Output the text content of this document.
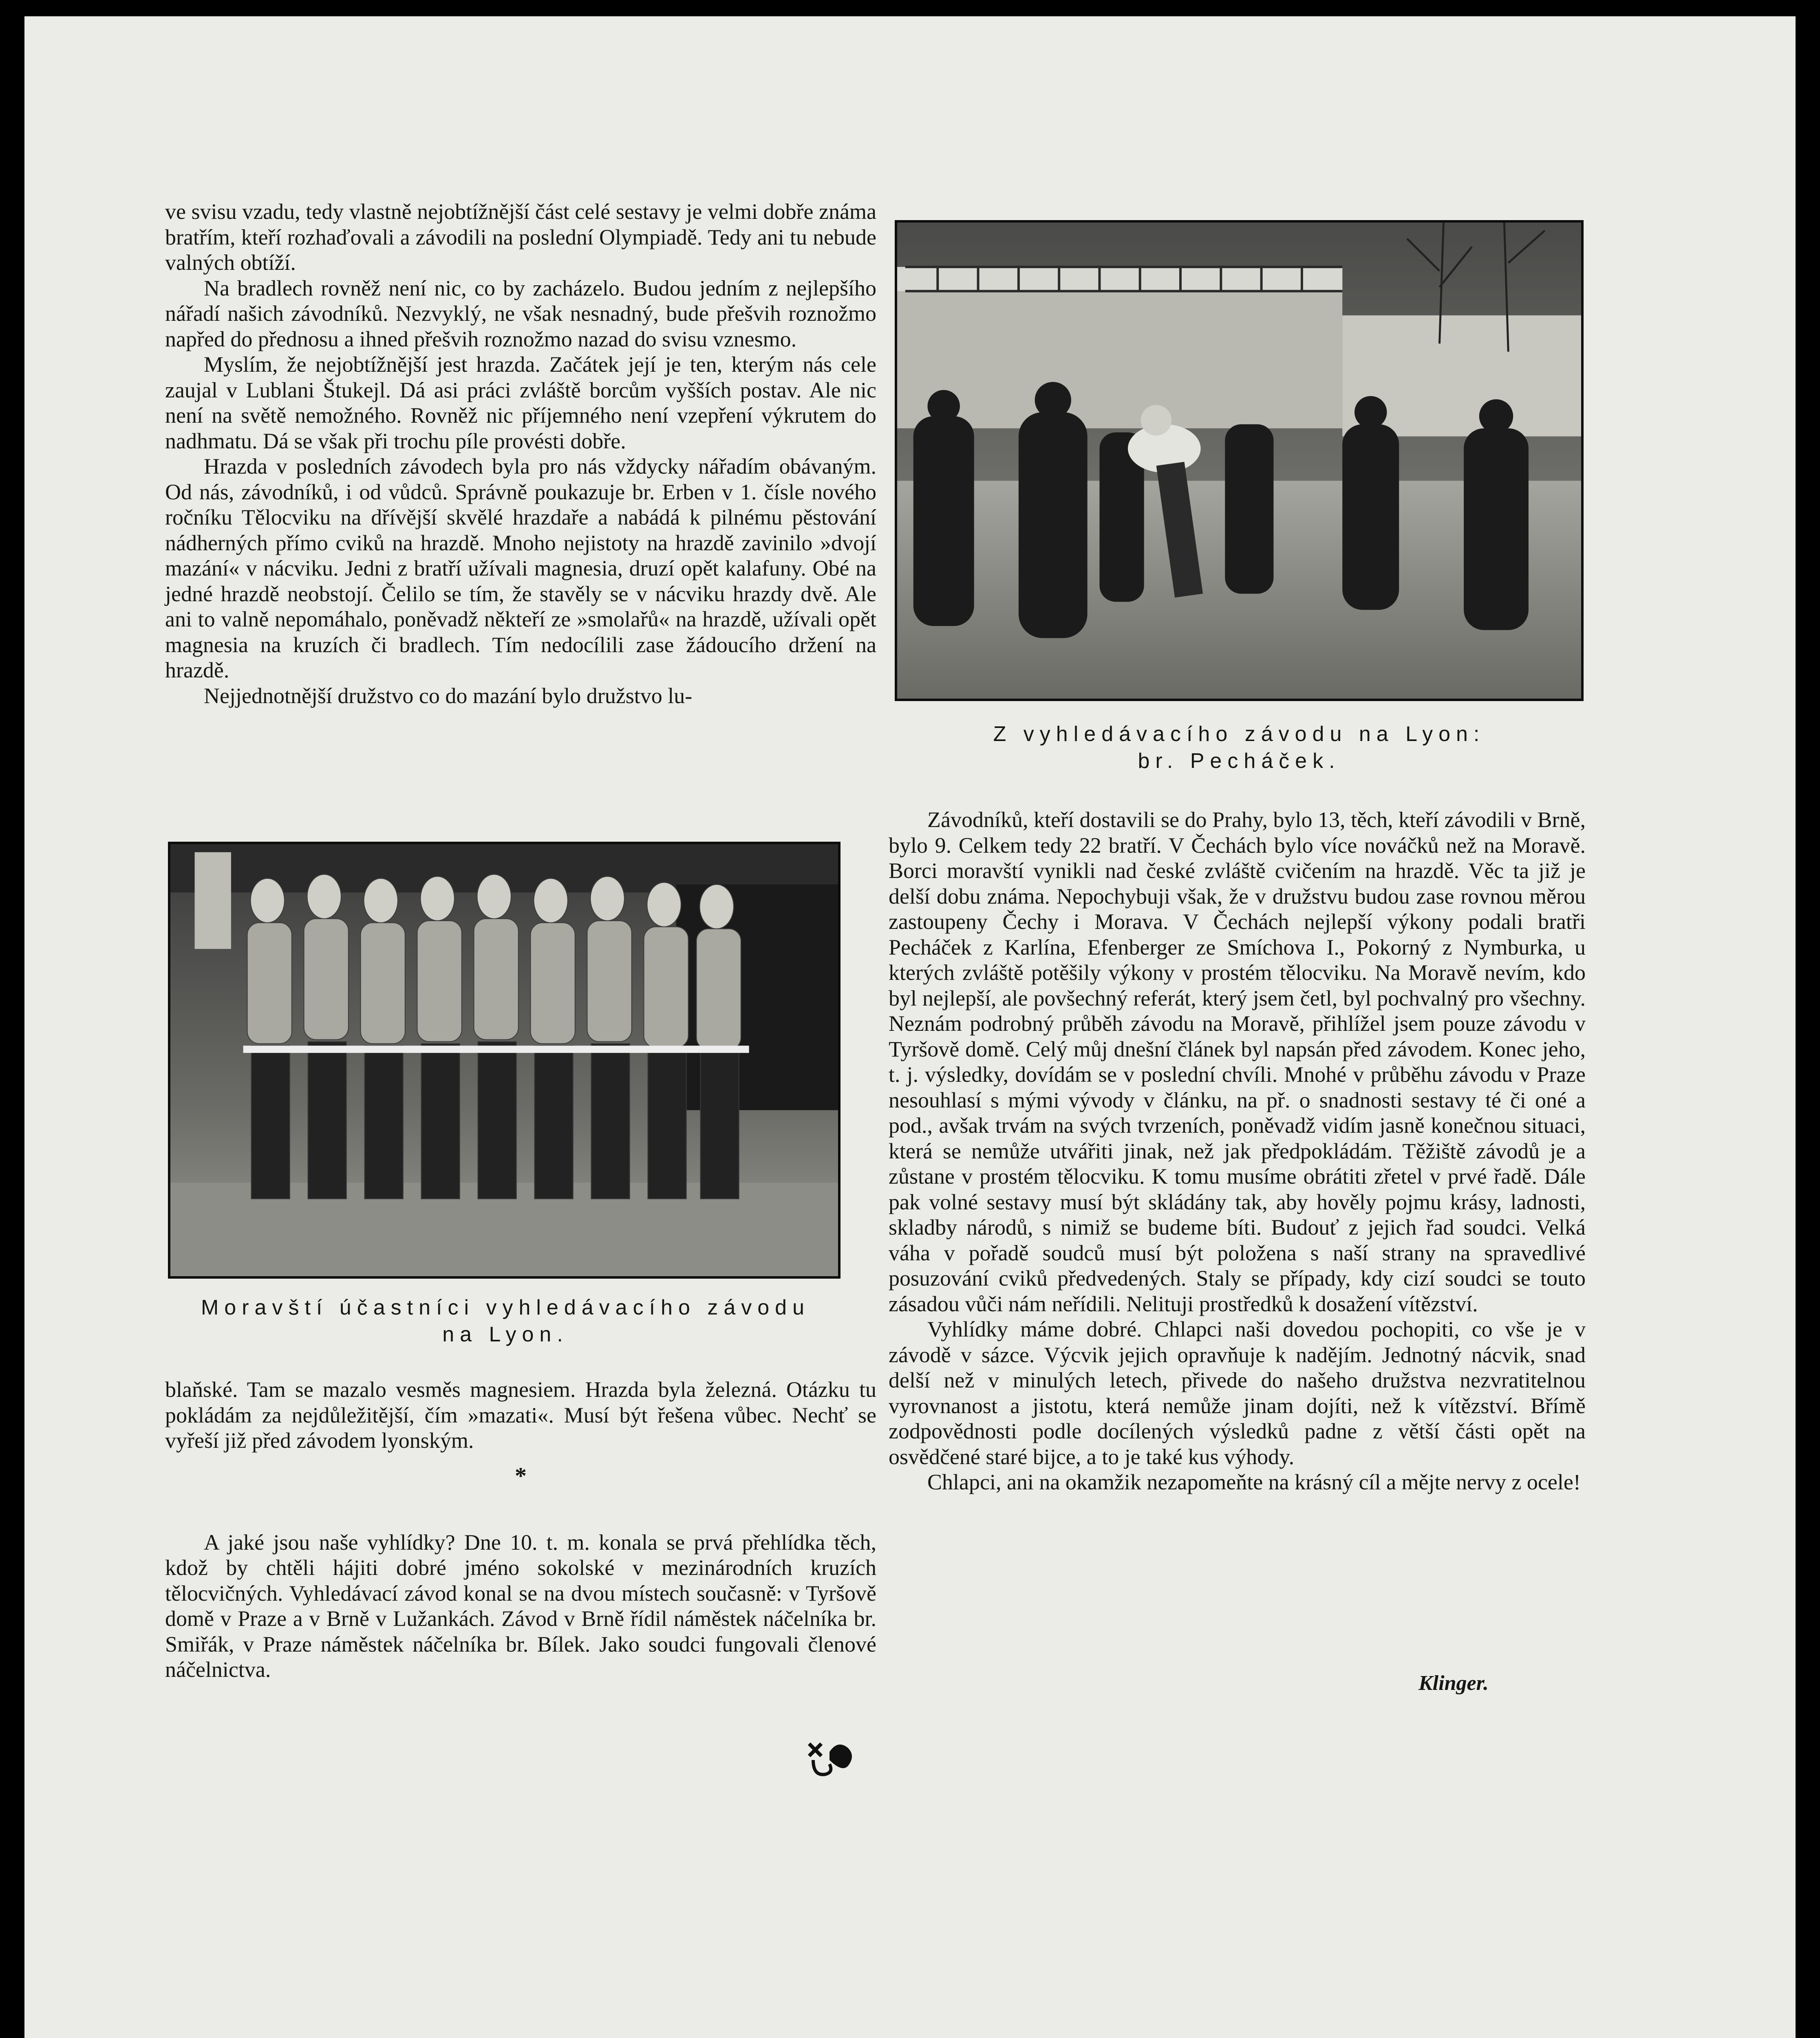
ve svisu vzadu, tedy vlastně nejobtížnější část celé sestavy je velmi dobře známa bratřím, kteří rozhaďovali a závodili na poslední Olympiadě. Tedy ani tu nebude valných obtíží.

Na bradlech rovněž není nic, co by zacházelo. Budou jedním z nejlepšího nářadí našich závodníků. Nezvyklý, ne však nesnadný, bude přešvih roznožmo napřed do přednosu a ihned přešvih roznožmo nazad do svisu vznesmo.

Myslím, že nejobtížnější jest hrazda. Začátek její je ten, kterým nás cele zaujal v Lublani Štukejl. Dá asi práci zvláště borcům vyšších postav. Ale nic není na světě nemožného. Rovněž nic příjemného není vzepření výkrutem do nadhmatu. Dá se však při trochu píle provésti dobře.

Hrazda v posledních závodech byla pro nás vždycky nářadím obávaným. Od nás, závodníků, i od vůdců. Správně poukazuje br. Erben v 1. čísle nového ročníku Tělocviku na dřívější skvělé hrazdaře a nabádá k pilnému pěstování nádherných přímo cviků na hrazdě. Mnoho nejistoty na hrazdě zavinilo »dvojí mazání« v nácviku. Jedni z bratří užívali magnesia, druzí opět kalafuny. Obé na jedné hrazdě neobstojí. Čelilo se tím, že stavěly se v nácviku hrazdy dvě. Ale ani to valně nepomáhalo, poněvadž někteří ze »smolařů« na hrazdě, užívali opět magnesia na kruzích či bradlech. Tím nedocílili zase žádoucího držení na hrazdě.

Nejjednotnější družstvo co do mazání bylo družstvo lu-

Moravští účastníci vyhledávacího závodu
na Lyon.

blaňské. Tam se mazalo vesměs magnesiem. Hrazda byla železná. Otázku tu pokládám za nejdůležitější, čím »mazati«. Musí být řešena vůbec. Nechť se vyřeší již před závodem lyonským.

*

A jaké jsou naše vyhlídky? Dne 10. t. m. konala se prvá přehlídka těch, kdož by chtěli hájiti dobré jméno sokolské v mezinárodních kruzích tělocvičných. Vyhledávací závod konal se na dvou místech současně: v Tyršově domě v Praze a v Brně v Lužankách. Závod v Brně řídil náměstek náčelníka br. Smiřák, v Praze náměstek náčelníka br. Bílek. Jako soudci fungovali členové náčelnictva.

Z vyhledávacího závodu na Lyon:
br. Pecháček.

Závodníků, kteří dostavili se do Prahy, bylo 13, těch, kteří závodili v Brně, bylo 9. Celkem tedy 22 bratří. V Čechách bylo více nováčků než na Moravě. Borci moravští vynikli nad české zvláště cvičením na hrazdě. Věc ta již je delší dobu známa. Nepochybuji však, že v družstvu budou zase rovnou měrou zastoupeny Čechy i Morava. V Čechách nejlepší výkony podali bratři Pecháček z Karlína, Efenberger ze Smíchova I., Pokorný z Nymburka, u kterých zvláště potěšily výkony v prostém tělocviku. Na Moravě nevím, kdo byl nejlepší, ale povšechný referát, který jsem četl, byl pochvalný pro všechny. Neznám podrobný průběh závodu na Moravě, přihlížel jsem pouze závodu v Tyršově domě. Celý můj dnešní článek byl napsán před závodem. Konec jeho, t. j. výsledky, dovídám se v poslední chvíli. Mnohé v průběhu závodu v Praze nesouhlasí s mými vývody v článku, na př. o snadnosti sestavy té či oné a pod., avšak trvám na svých tvrzeních, poněvadž vidím jasně konečnou situaci, která se nemůže utvářiti jinak, než jak předpokládám. Těžiště závodů je a zůstane v prostém tělocviku. K tomu musíme obrátiti zřetel v prvé řadě. Dále pak volné sestavy musí být skládány tak, aby hověly pojmu krásy, ladnosti, skladby národů, s nimiž se budeme bíti. Budouť z jejich řad soudci. Velká váha v pořadě soudců musí být položena s naší strany na spravedlivé posuzování cviků předvedených. Staly se případy, kdy cizí soudci se touto zásadou vůči nám neřídili. Nelituji prostředků k dosažení vítězství.

Vyhlídky máme dobré. Chlapci naši dovedou pochopiti, co vše je v závodě v sázce. Výcvik jejich opravňuje k nadějím. Jednotný nácvik, snad delší než v minulých letech, přivede do našeho družstva nezvratitelnou vyrovnanost a jistotu, která nemůže jinam dojíti, než k vítězství. Břímě zodpovědnosti podle docílených výsledků padne z větší části opět na osvědčené staré bijce, a to je také kus výhody.

Chlapci, ani na okamžik nezapomeňte na krásný cíl a mějte nervy z ocele!

Klinger.
